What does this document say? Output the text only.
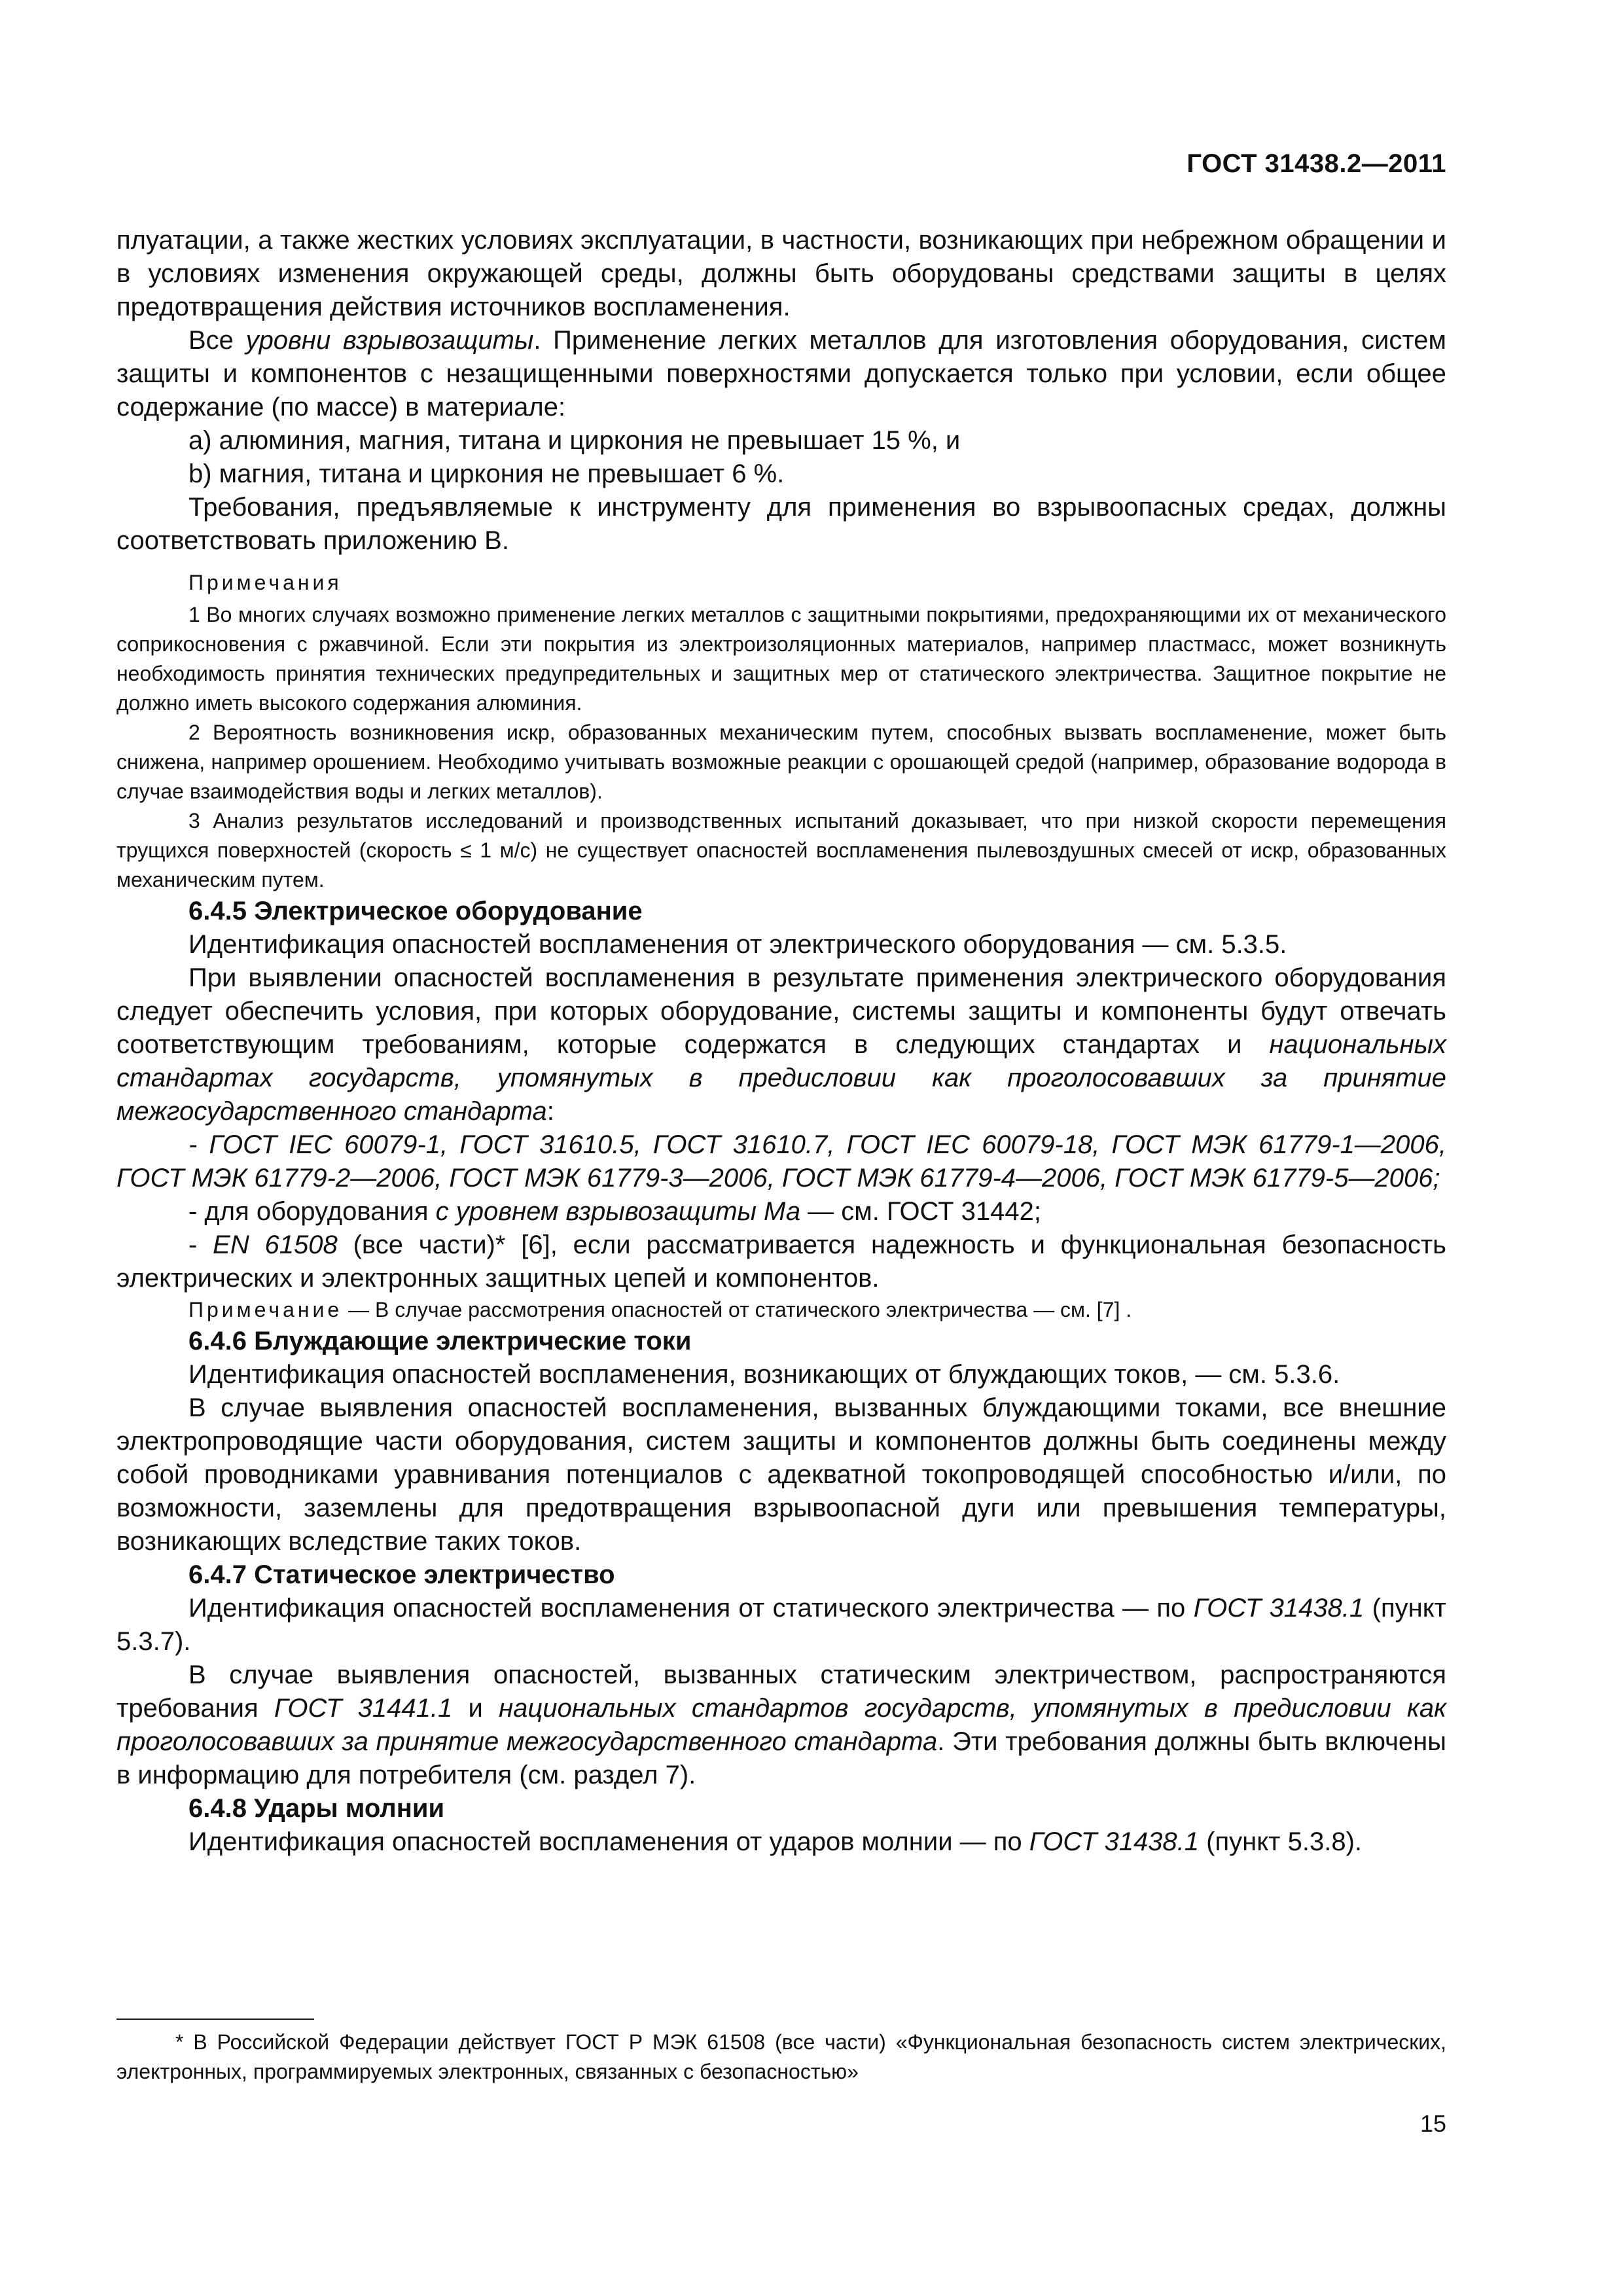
ГОСТ 31438.2—2011

плуатации, а также жестких условиях эксплуатации, в частности, возникающих при небрежном обращении и в условиях изменения окружающей среды, должны быть оборудованы средствами защиты в целях предотвращения действия источников воспламенения.

Все уровни взрывозащиты. Применение легких металлов для изготовления оборудования, систем защиты и компонентов с незащищенными поверхностями допускается только при условии, если общее содержание (по массе) в материале:

a) алюминия, магния, титана и циркония не превышает 15 %, и

b) магния, титана и циркония не превышает 6 %.

Требования, предъявляемые к инструменту для применения во взрывоопасных средах, должны соответствовать приложению В.

Примечания

1 Во многих случаях возможно применение легких металлов с защитными покрытиями, предохраняющими их от механического соприкосновения с ржавчиной. Если эти покрытия из электроизоляционных материалов, например пластмасс, может возникнуть необходимость принятия технических предупредительных и защитных мер от статического электричества. Защитное покрытие не должно иметь высокого содержания алюминия.

2 Вероятность возникновения искр, образованных механическим путем, способных вызвать воспламенение, может быть снижена, например орошением. Необходимо учитывать возможные реакции с орошающей средой (например, образование водорода в случае взаимодействия воды и легких металлов).

3 Анализ результатов исследований и производственных испытаний доказывает, что при низкой скорости перемещения трущихся поверхностей (скорость ≤ 1 м/с) не существует опасностей воспламенения пылевоздушных смесей от искр, образованных механическим путем.

6.4.5 Электрическое оборудование

Идентификация опасностей воспламенения от электрического оборудования — см. 5.3.5.

При выявлении опасностей воспламенения в результате применения электрического оборудования следует обеспечить условия, при которых оборудование, системы защиты и компоненты будут отвечать соответствующим требованиям, которые содержатся в следующих стандартах и национальных стандартах государств, упомянутых в предисловии как проголосовавших за принятие межгосударственного стандарта:

- ГОСТ IEC 60079-1, ГОСТ 31610.5, ГОСТ 31610.7, ГОСТ IEC 60079-18, ГОСТ МЭК 61779-1—2006, ГОСТ МЭК 61779-2—2006, ГОСТ МЭК 61779-3—2006, ГОСТ МЭК 61779-4—2006, ГОСТ МЭК 61779-5—2006;

- для оборудования с уровнем взрывозащиты Ма — см. ГОСТ 31442;

- EN 61508 (все части)* [6], если рассматривается надежность и функциональная безопасность электрических и электронных защитных цепей и компонентов.

Примечание — В случае рассмотрения опасностей от статического электричества — см. [7] .

6.4.6 Блуждающие электрические токи

Идентификация опасностей воспламенения, возникающих от блуждающих токов, — см. 5.3.6.

В случае выявления опасностей воспламенения, вызванных блуждающими токами, все внешние электропроводящие части оборудования, систем защиты и компонентов должны быть соединены между собой проводниками уравнивания потенциалов с адекватной токопроводящей способностью и/или, по возможности, заземлены для предотвращения взрывоопасной дуги или превышения температуры, возникающих вследствие таких токов.

6.4.7 Статическое электричество

Идентификация опасностей воспламенения от статического электричества — по ГОСТ 31438.1 (пункт 5.3.7).

В случае выявления опасностей, вызванных статическим электричеством, распространяются требования ГОСТ 31441.1 и национальных стандартов государств, упомянутых в предисловии как проголосовавших за принятие межгосударственного стандарта. Эти требования должны быть включены в информацию для потребителя (см. раздел 7).

6.4.8 Удары молнии

Идентификация опасностей воспламенения от ударов молнии — по ГОСТ 31438.1 (пункт 5.3.8).

* В Российской Федерации действует ГОСТ Р МЭК 61508 (все части) «Функциональная безопасность систем электрических, электронных, программируемых электронных, связанных с безопасностью»
15
